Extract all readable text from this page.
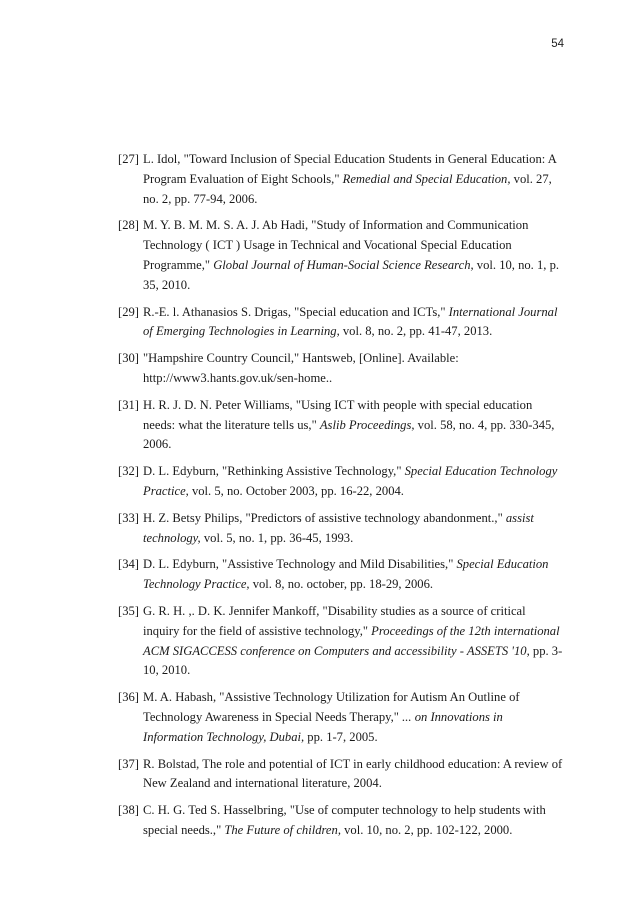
54
[27] L. Idol, "Toward Inclusion of Special Education Students in General Education: A Program Evaluation of Eight Schools," Remedial and Special Education, vol. 27, no. 2, pp. 77-94, 2006.
[28] M. Y. B. M. M. S. A. J. Ab Hadi, "Study of Information and Communication Technology ( ICT ) Usage in Technical and Vocational Special Education Programme," Global Journal of Human-Social Science Research, vol. 10, no. 1, p. 35, 2010.
[29] R.-E. l. Athanasios S. Drigas, "Special education and ICTs," International Journal of Emerging Technologies in Learning, vol. 8, no. 2, pp. 41-47, 2013.
[30] "Hampshire Country Council," Hantsweb, [Online]. Available: http://www3.hants.gov.uk/sen-home..
[31] H. R. J. D. N. Peter Williams, "Using ICT with people with special education needs: what the literature tells us," Aslib Proceedings, vol. 58, no. 4, pp. 330-345, 2006.
[32] D. L. Edyburn, "Rethinking Assistive Technology," Special Education Technology Practice, vol. 5, no. October 2003, pp. 16-22, 2004.
[33] H. Z. Betsy Philips, "Predictors of assistive technology abandonment.," assist technology, vol. 5, no. 1, pp. 36-45, 1993.
[34] D. L. Edyburn, "Assistive Technology and Mild Disabilities," Special Education Technology Practice, vol. 8, no. october, pp. 18-29, 2006.
[35] G. R. H. ,. D. K. Jennifer Mankoff, "Disability studies as a source of critical inquiry for the field of assistive technology," Proceedings of the 12th international ACM SIGACCESS conference on Computers and accessibility - ASSETS '10, pp. 3-10, 2010.
[36] M. A. Habash, "Assistive Technology Utilization for Autism An Outline of Technology Awareness in Special Needs Therapy," ... on Innovations in Information Technology, Dubai, pp. 1-7, 2005.
[37] R. Bolstad, The role and potential of ICT in early childhood education: A review of New Zealand and international literature, 2004.
[38] C. H. G. Ted S. Hasselbring, "Use of computer technology to help students with special needs.," The Future of children, vol. 10, no. 2, pp. 102-122, 2000.
